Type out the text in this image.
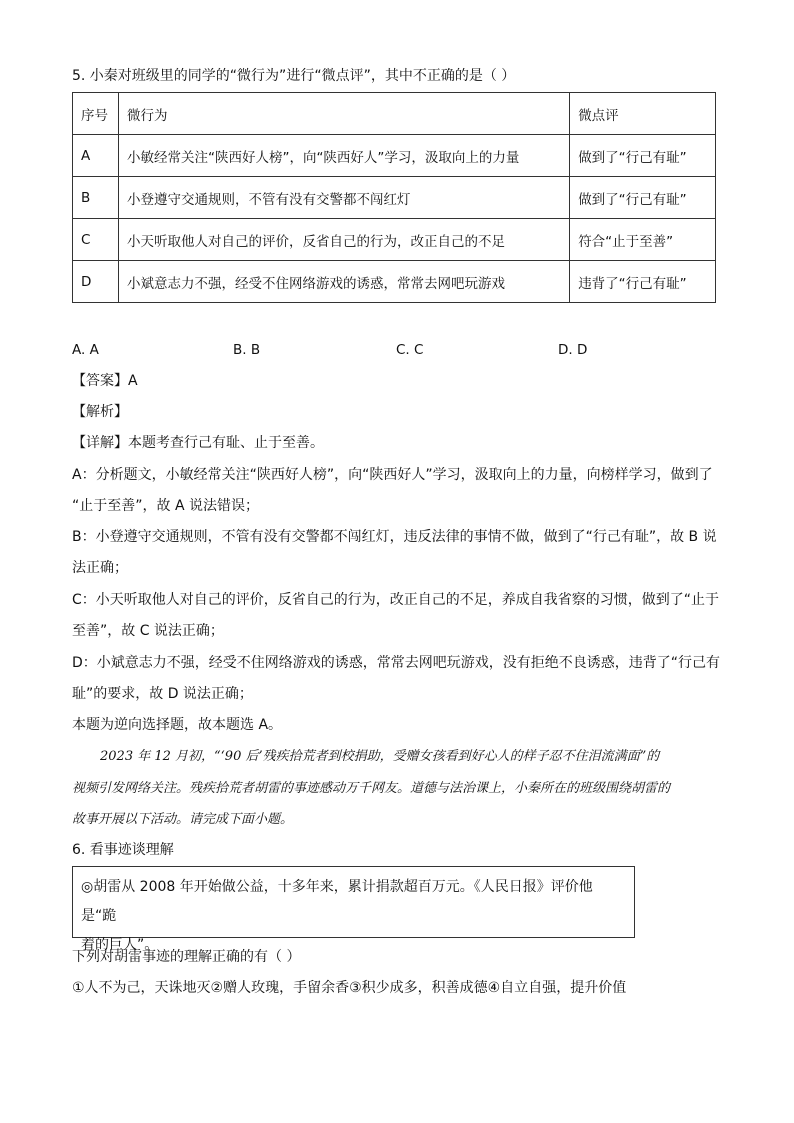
5. 小秦对班级里的同学的“微行为”进行“微点评”，其中不正确的是（ ）
序号	微行为	微点评
A	小敏经常关注“陕西好人榜”，向“陕西好人”学习，汲取向上的力量	做到了“行己有耻”
B	小登遵守交通规则，不管有没有交警都不闯红灯	做到了“行己有耻”
C	小天听取他人对自己的评价，反省自己的行为，改正自己的不足	符合“止于至善”
D	小斌意志力不强，经受不住网络游戏的诱惑，常常去网吧玩游戏	违背了“行己有耻”
A. A	B. B	C. C	D. D
【答案】A
【解析】
【详解】本题考查行己有耻、止于至善。
A：分析题文，小敏经常关注“陕西好人榜”，向“陕西好人”学习，汲取向上的力量，向榜样学习，做到了
“止于至善”，故 A 说法错误；
B：小登遵守交通规则，不管有没有交警都不闯红灯，违反法律的事情不做，做到了“行己有耻”，故 B 说
法正确；
C：小天听取他人对自己的评价，反省自己的行为，改正自己的不足，养成自我省察的习惯，做到了“止于
至善”，故 C 说法正确；
D：小斌意志力不强，经受不住网络游戏的诱惑，常常去网吧玩游戏，没有拒绝不良诱惑，违背了“行己有
耻”的要求，故 D 说法正确；
本题为逆向选择题，故本题选 A。
2023 年 12 月初，“‘90 后’残疾拾荒者到校捐助，受赠女孩看到好心人的样子忍不住泪流满面”的
视频引发网络关注。残疾拾荒者胡雷的事迹感动万千网友。道德与法治课上，小秦所在的班级围绕胡雷的
故事开展以下活动。请完成下面小题。
6. 看事迹谈理解
◎胡雷从 2008 年开始做公益，十多年来，累计捐款超百万元。《人民日报》评价他是“跪
着的巨人”。
下列对胡雷事迹的理解正确的有（ ）
①人不为己，天诛地灭②赠人玫瑰，手留余香③积少成多，积善成德④自立自强，提升价值
